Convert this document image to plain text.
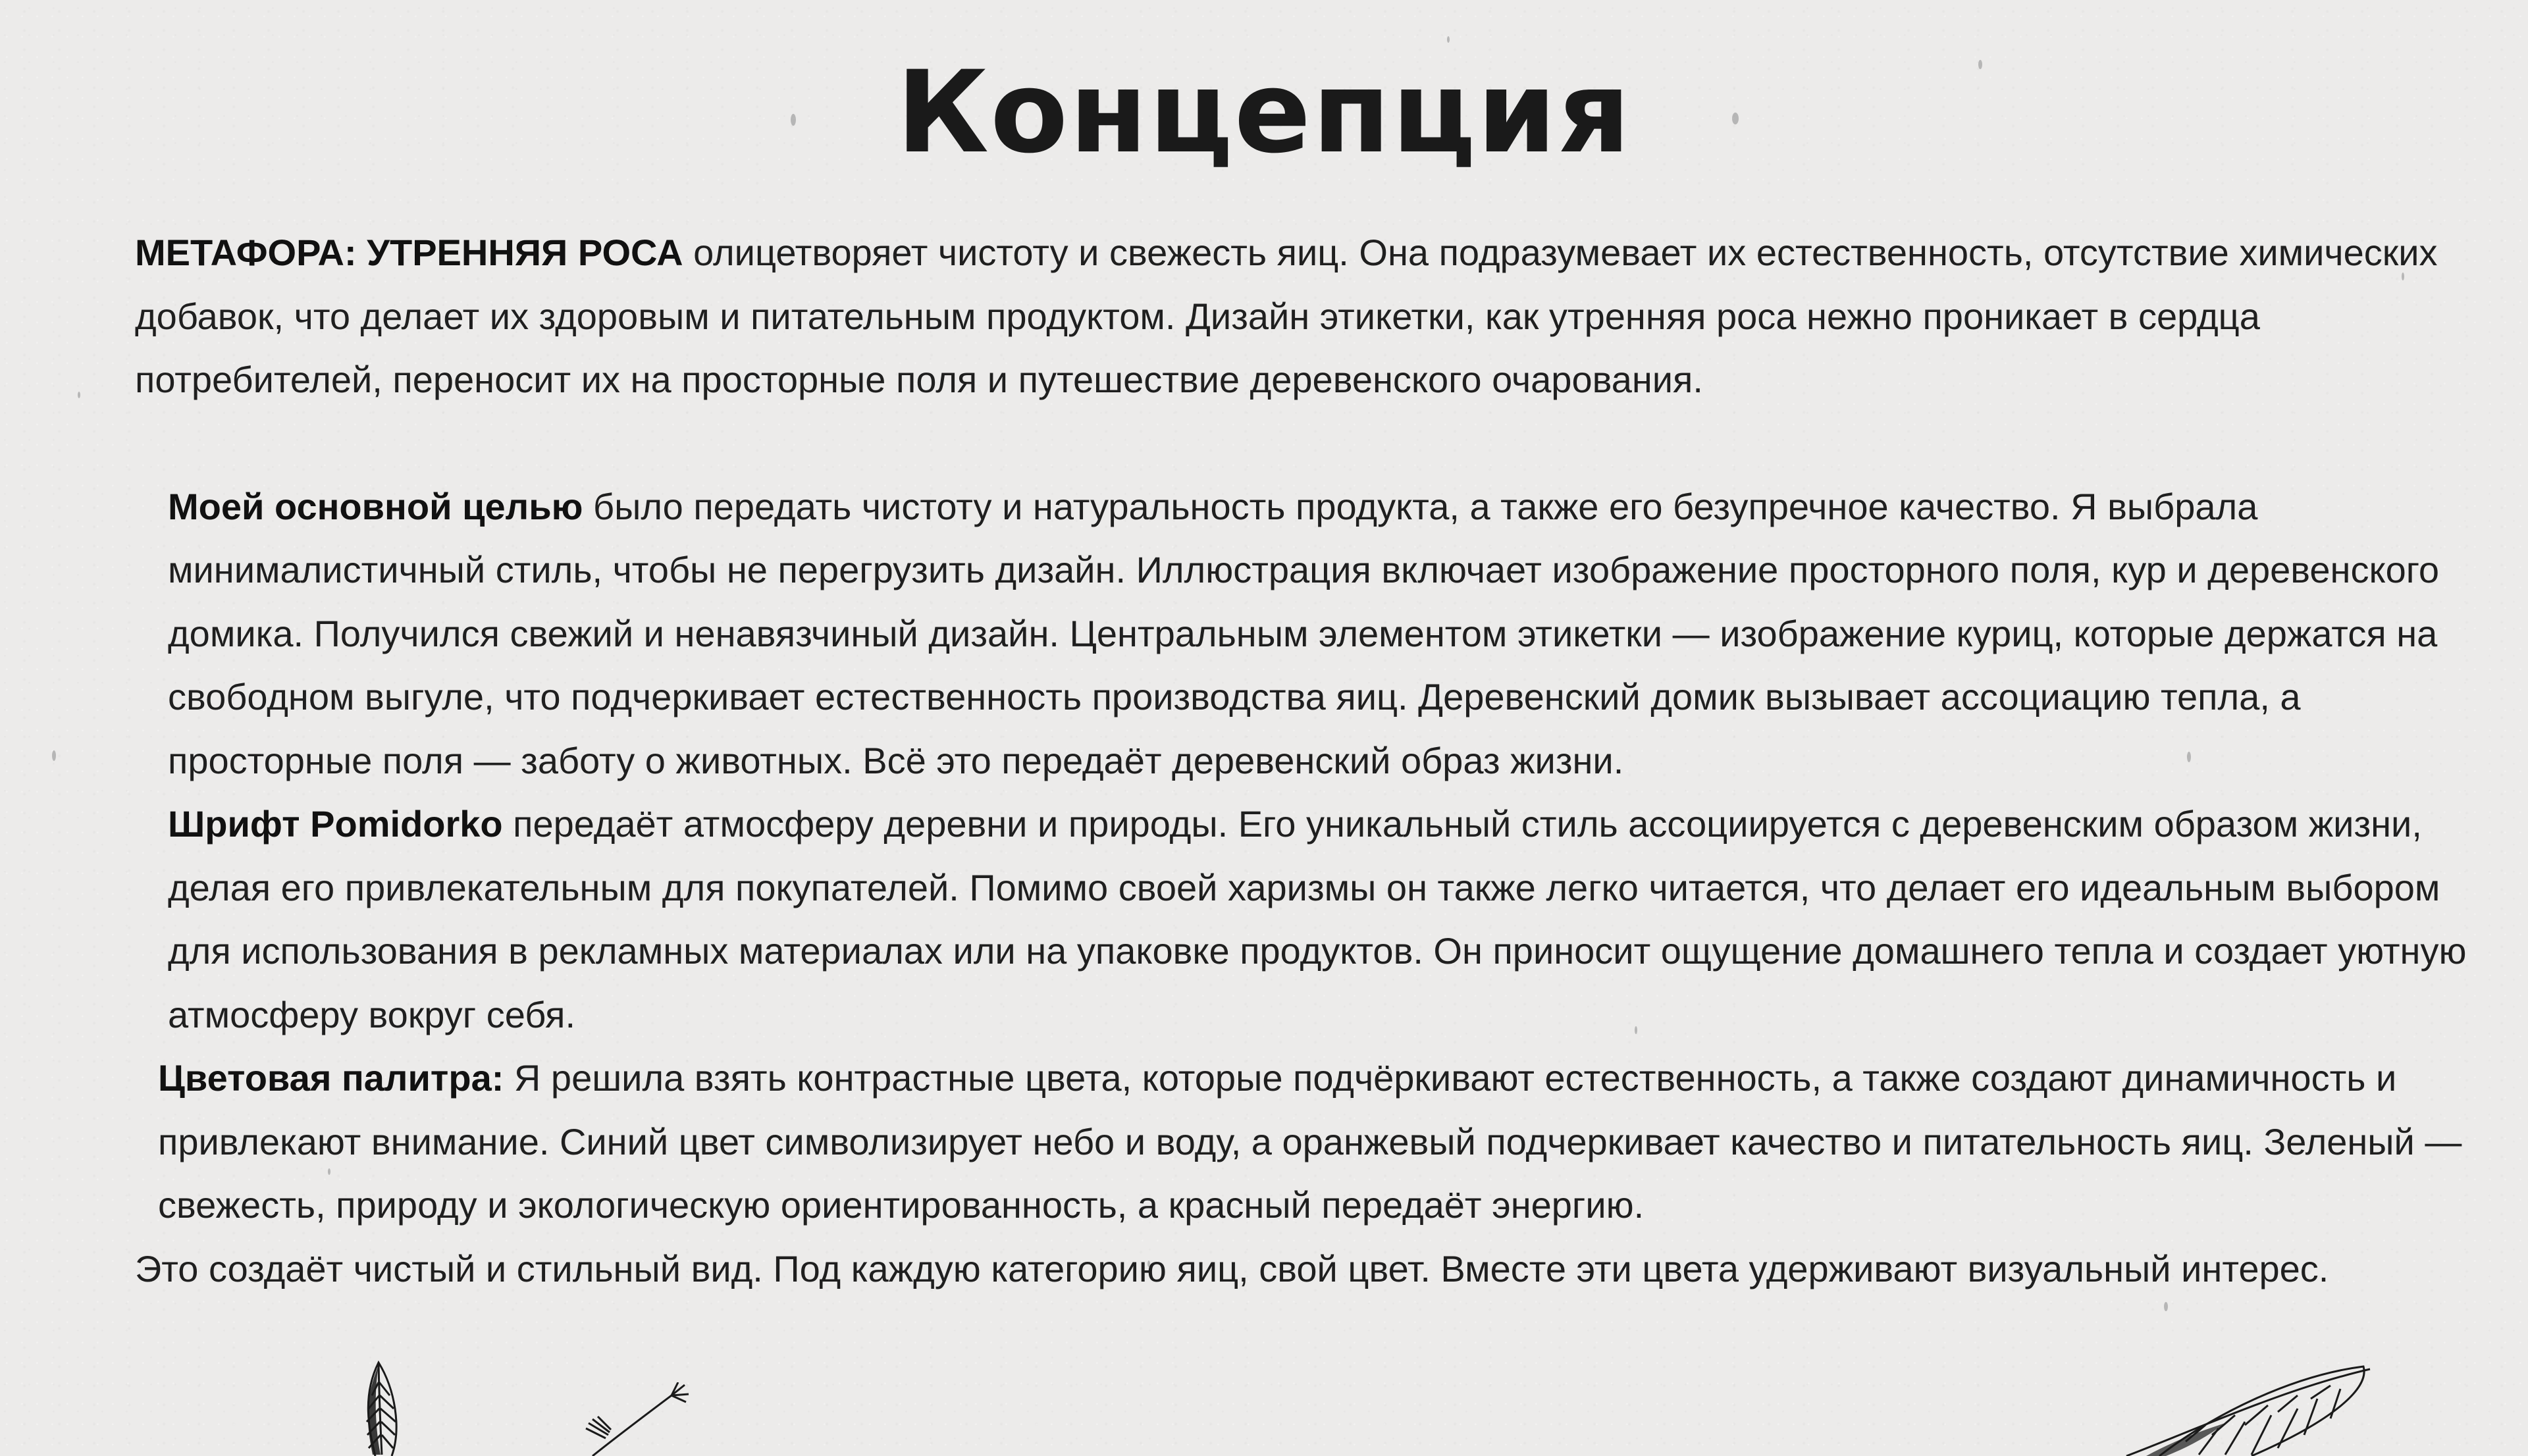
Концепция

МЕТАФОРА: УТРЕННЯЯ РОСА олицетворяет чистоту и свежесть яиц. Она подразумевает их естественность, отсутствие химических добавок, что делает их здоровым и питательным продуктом. Дизайн этикетки, как утренняя роса нежно проникает в сердца потребителей, переносит их на просторные поля и путешествие деревенского очарования.

Моей основной целью было передать чистоту и натуральность продукта, а также его безупречное качество. Я выбрала минималистичный стиль, чтобы не перегрузить дизайн. Иллюстрация включает изображение просторного поля, кур и деревенского домика. Получился свежий и ненавязчиный дизайн. Центральным элементом этикетки — изображение куриц, которые держатся на свободном выгуле, что подчеркивает естественность производства яиц. Деревенский домик вызывает ассоциацию тепла, а просторные поля — заботу о животных. Всё это передаёт деревенский образ жизни.

Шрифт Pomidorko передаёт атмосферу деревни и природы. Его уникальный стиль ассоциируется с деревенским образом жизни, делая его привлекательным для покупателей. Помимо своей харизмы он также легко читается, что делает его идеальным выбором для использования в рекламных материалах или на упаковке продуктов. Он приносит ощущение домашнего тепла и создает уютную атмосферу вокруг себя.

Цветовая палитра: Я решила взять контрастные цвета, которые подчёркивают естественность, а также создают динамичность и привлекают внимание. Синий цвет символизирует небо и воду, а оранжевый подчеркивает качество и питательность яиц. Зеленый — свежесть, природу и экологическую ориентированность, а красный передаёт энергию.

Это создаёт чистый и стильный вид. Под каждую категорию яиц, свой цвет. Вместе эти цвета удерживают визуальный интерес.
